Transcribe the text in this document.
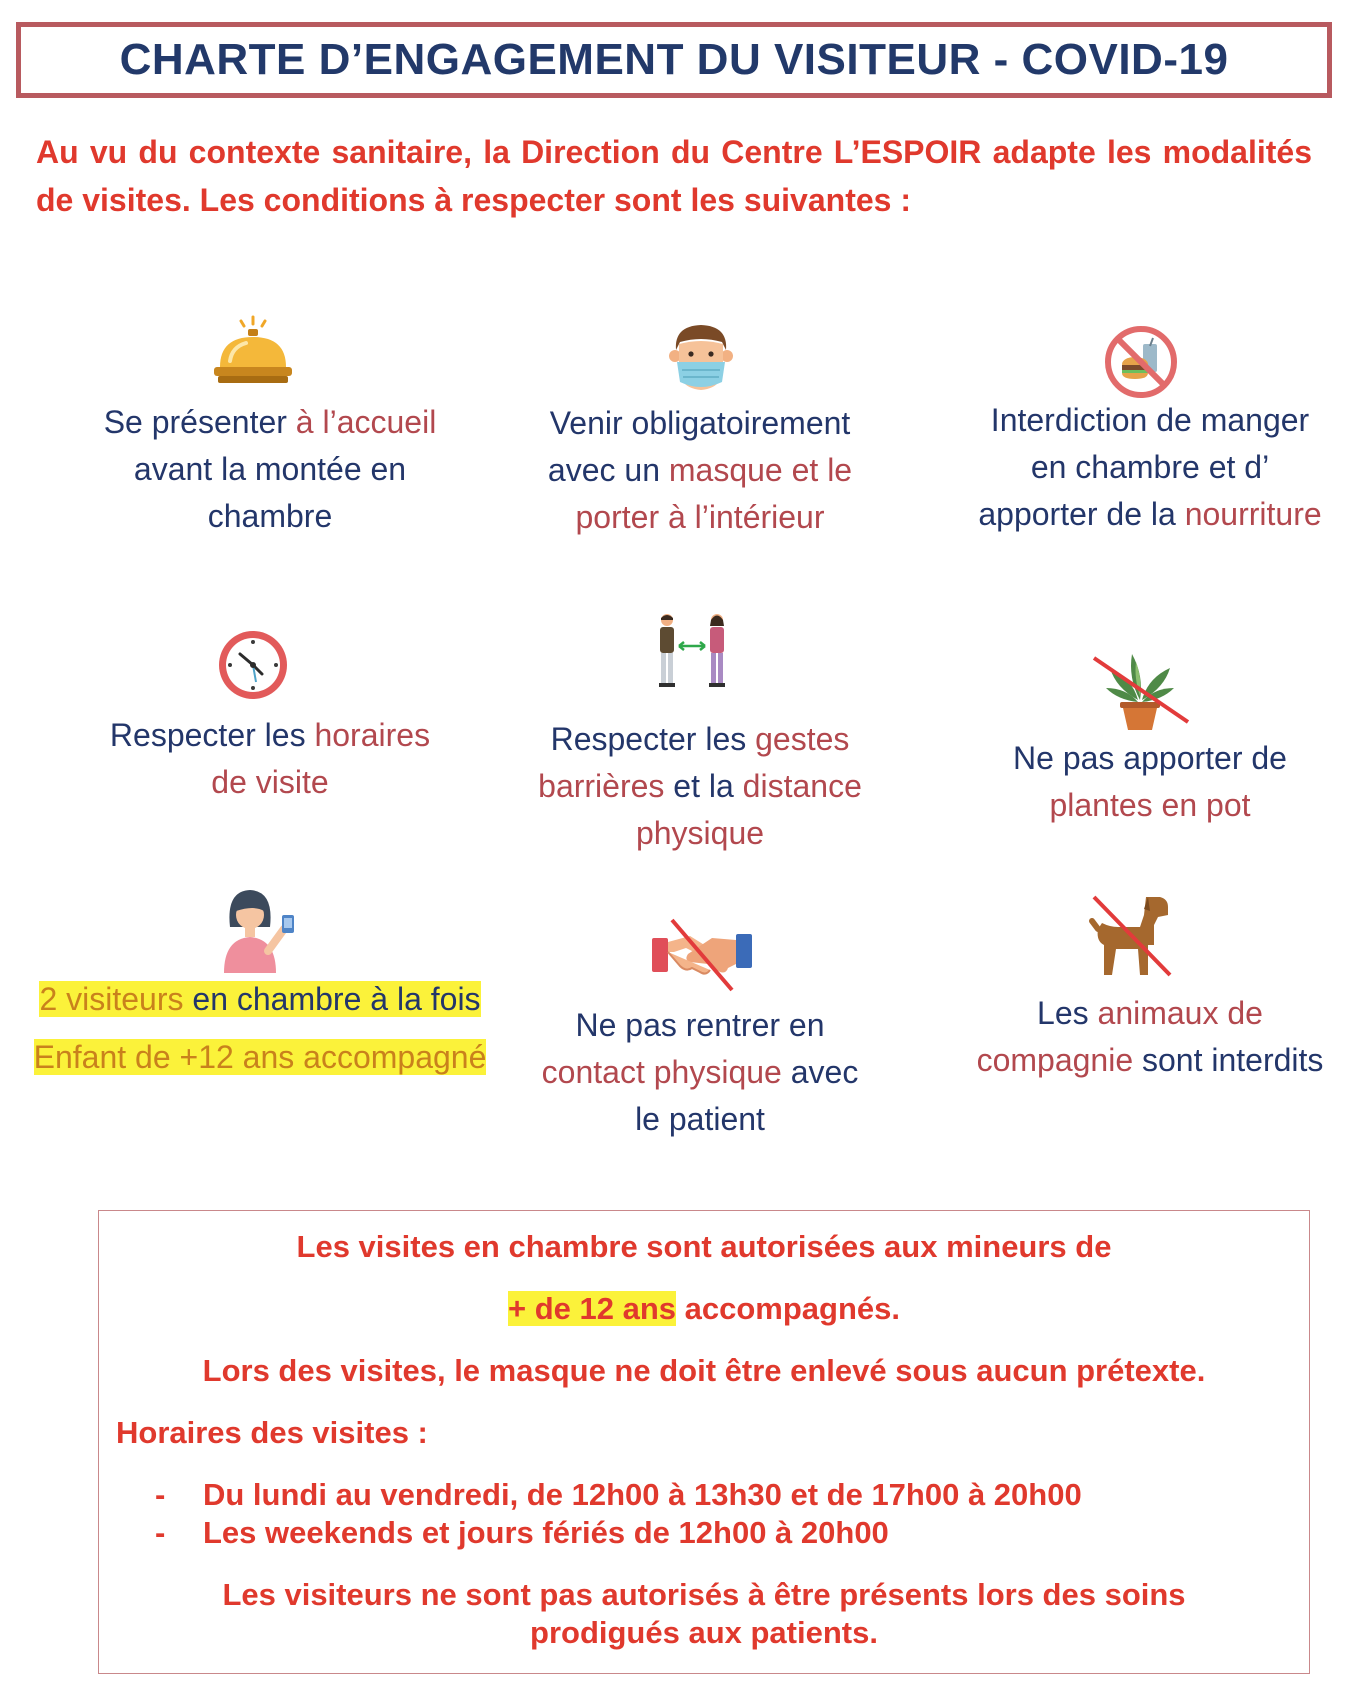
CHARTE D’ENGAGEMENT DU VISITEUR - COVID-19
Au vu du contexte sanitaire, la Direction du Centre L’ESPOIR adapte les modalités de visites. Les conditions à respecter sont les suivantes :
Se présenter à l’accueil
avant la montée en
chambre
Venir obligatoirement
avec un masque et le
porter à l’intérieur
Interdiction de manger
en chambre et d’
apporter de la nourriture
Respecter les horaires
de visite
Respecter les gestes
barrières et la distance
physique
Ne pas apporter de
plantes en pot
2 visiteurs en chambre à la fois
Enfant de +12 ans accompagné
Ne pas rentrer en
contact physique avec
le patient
Les animaux de
compagnie sont interdits
Les visites en chambre sont autorisées aux mineurs de
+ de 12 ans accompagnés.
Lors des visites, le masque ne doit être enlevé sous aucun prétexte.
Horaires des visites :
- Du lundi au vendredi, de 12h00 à 13h30 et de 17h00 à 20h00
- Les weekends et jours fériés de 12h00 à 20h00
Les visiteurs ne sont pas autorisés à être présents lors des soins
prodigués aux patients.
